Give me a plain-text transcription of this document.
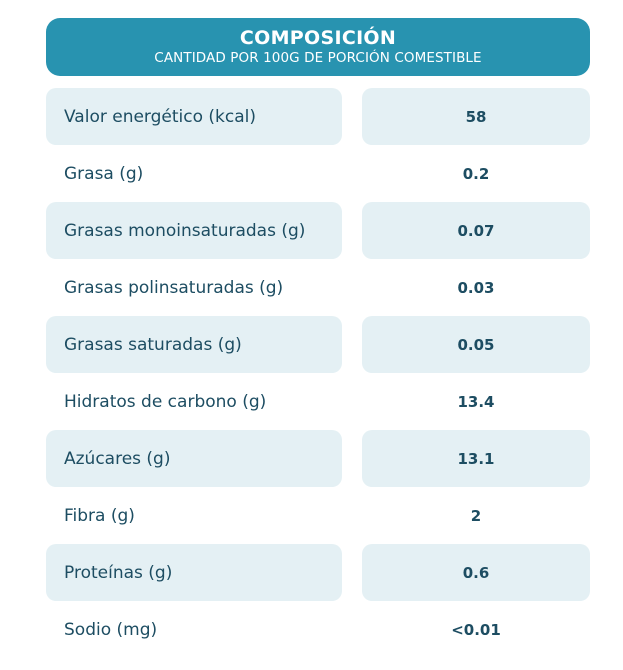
COMPOSICIÓN
CANTIDAD POR 100G DE PORCIÓN COMESTIBLE
Valor energético (kcal)	58
Grasa (g)	0.2
Grasas monoinsaturadas (g)	0.07
Grasas polinsaturadas (g)	0.03
Grasas saturadas (g)	0.05
Hidratos de carbono (g)	13.4
Azúcares (g)	13.1
Fibra (g)	2
Proteínas (g)	0.6
Sodio (mg)	<0.01
